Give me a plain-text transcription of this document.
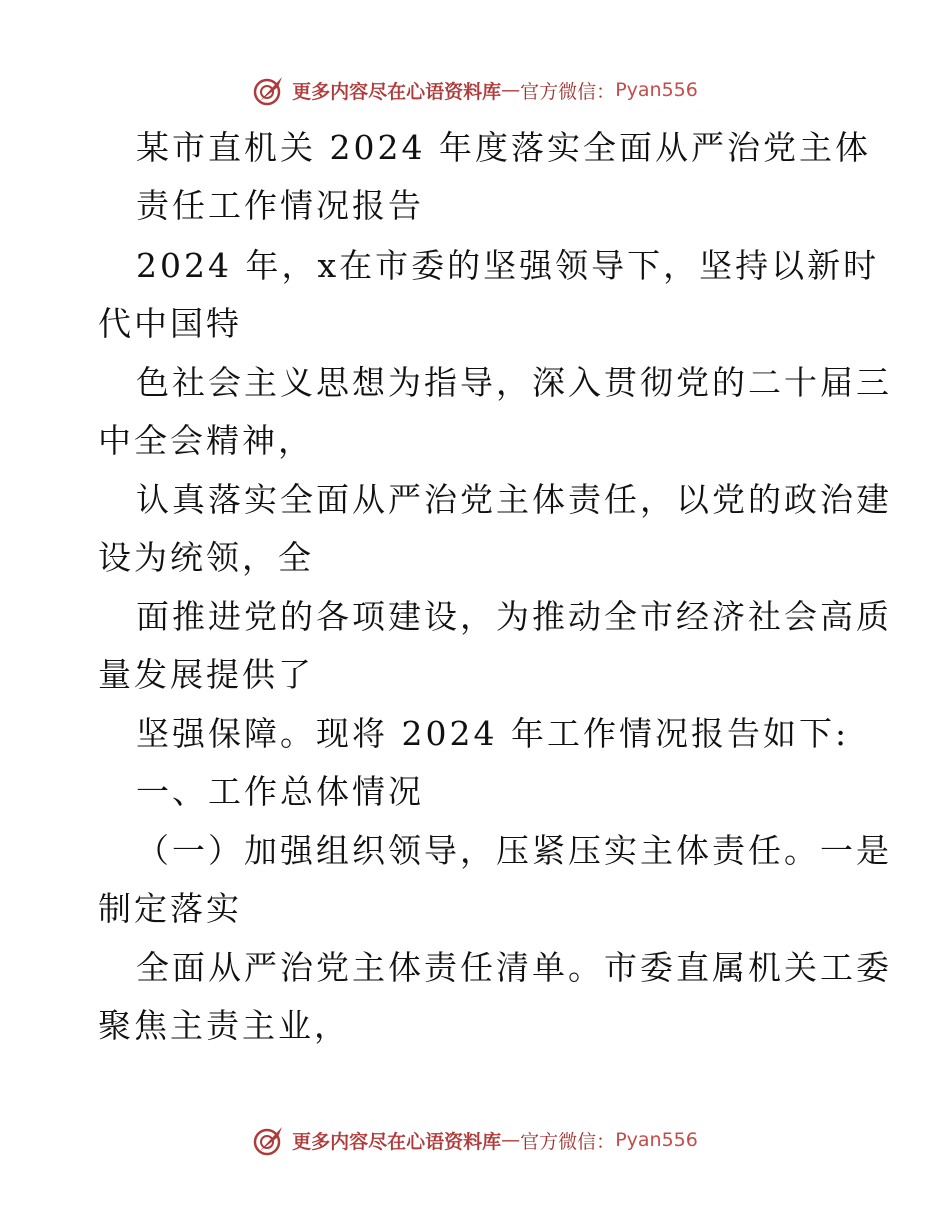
更多内容尽在心语资料库 — 官方微信： Pyan556
某市直机关 2024 年度落实全面从严治党主体
责任工作情况报告
2024 年，x在市委的坚强领导下，坚持以新时
代中国特
色社会主义思想为指导，深入贯彻党的二十届三
中全会精神，
认真落实全面从严治党主体责任，以党的政治建
设为统领，全
面推进党的各项建设，为推动全市经济社会高质
量发展提供了
坚强保障。现将 2024 年工作情况报告如下:
一、工作总体情况
（一）加强组织领导，压紧压实主体责任。一是
制定落实
全面从严治党主体责任清单。市委直属机关工委
聚焦主责主业，
更多内容尽在心语资料库 — 官方微信： Pyan556
